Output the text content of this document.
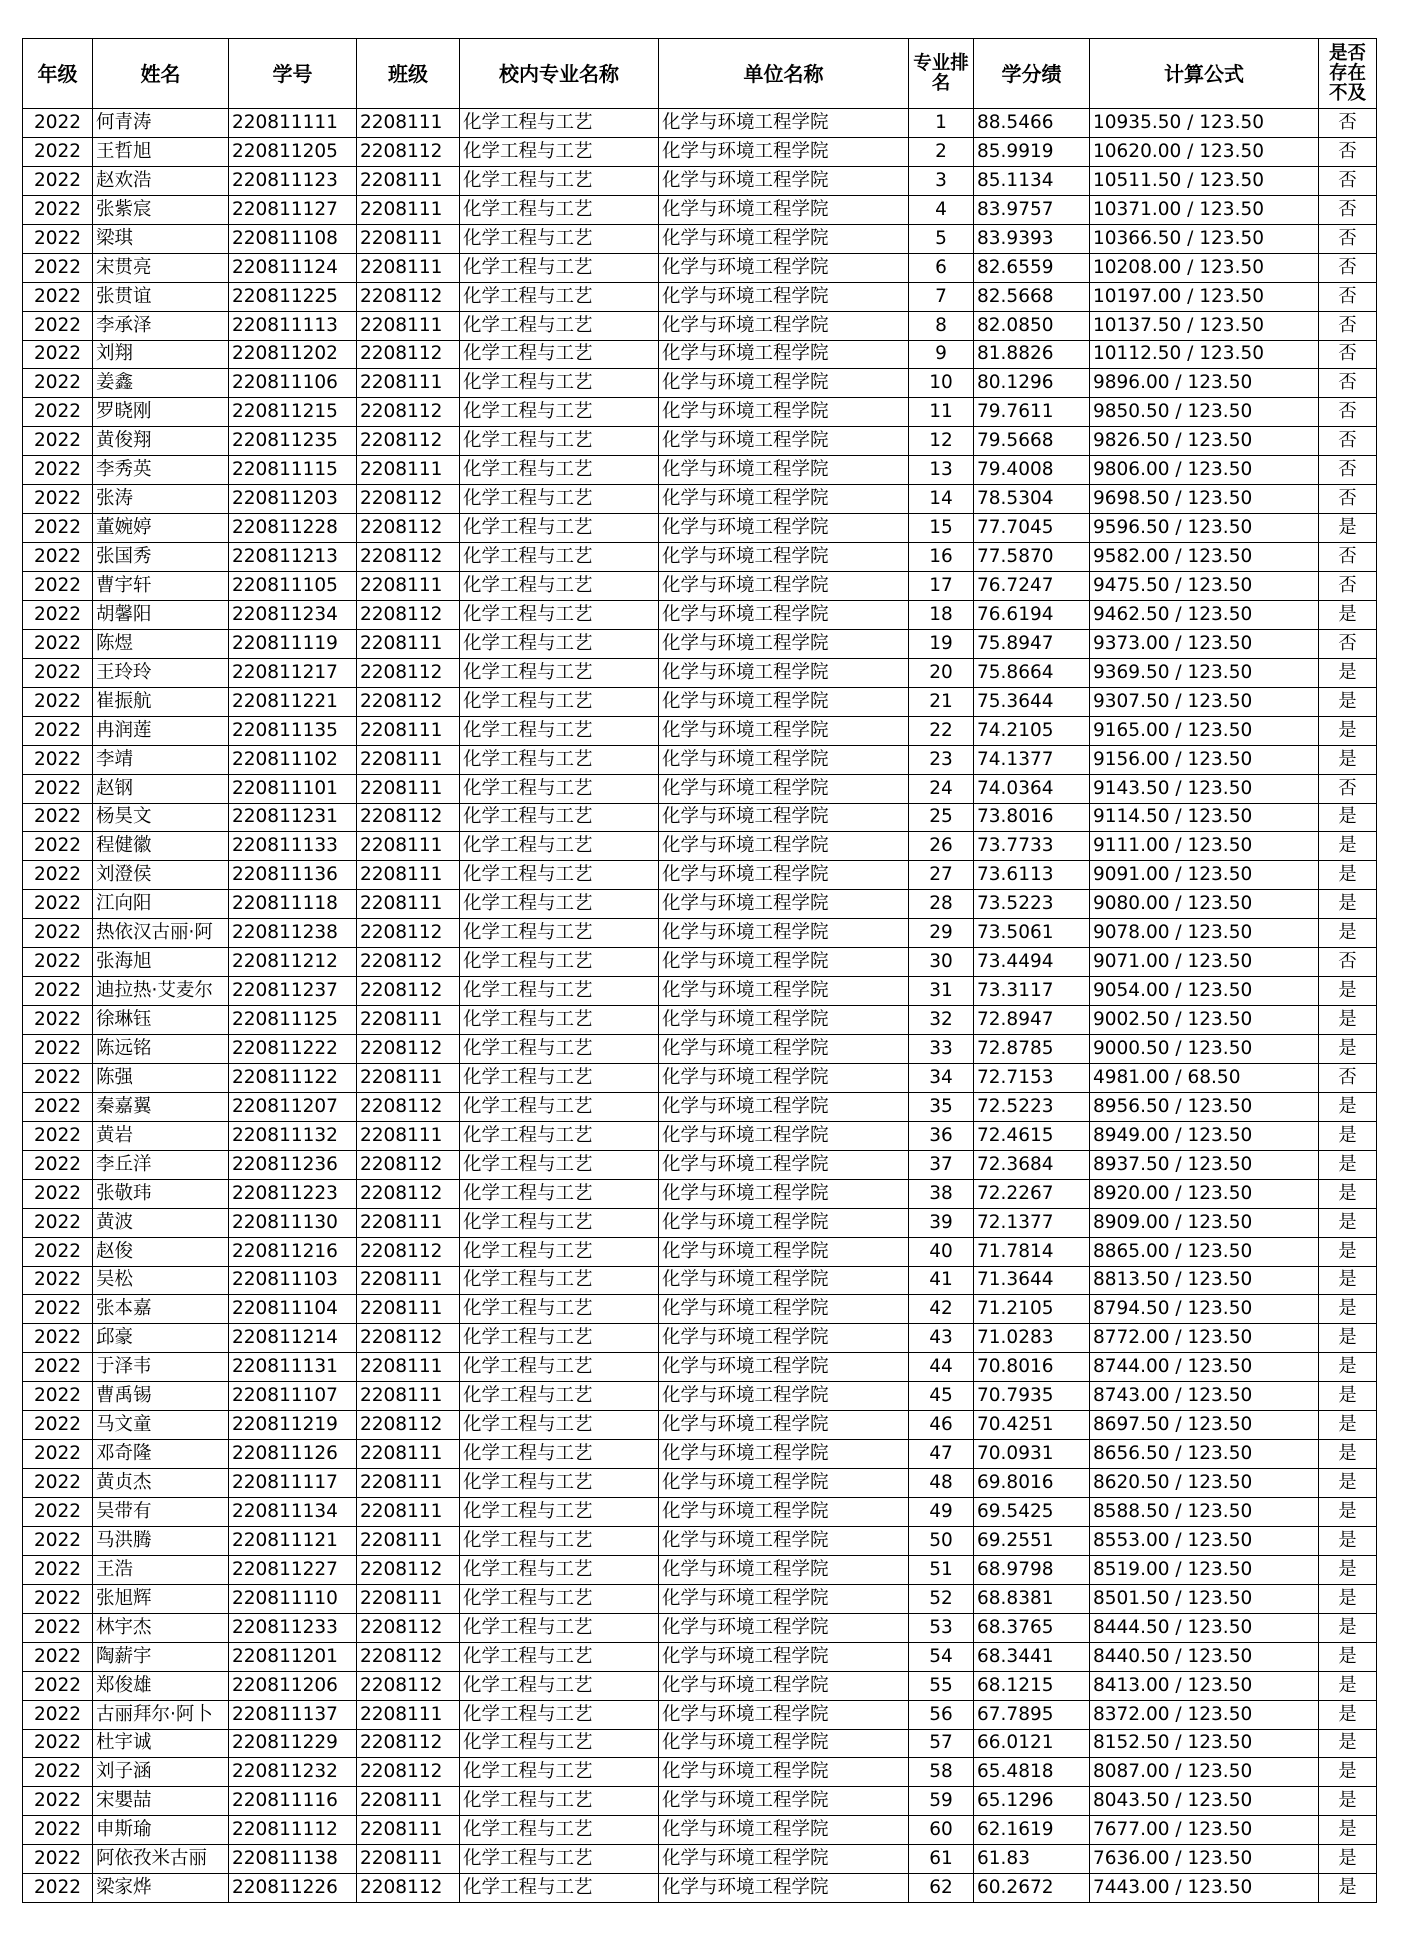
年级	姓名	学号	班级	校内专业名称	单位名称	专业排名	学分绩	计算公式	是否存在不及
2022	何青涛	220811111	2208111	化学工程与工艺	化学与环境工程学院	1	88.5466	10935.50 / 123.50	否
2022	王哲旭	220811205	2208112	化学工程与工艺	化学与环境工程学院	2	85.9919	10620.00 / 123.50	否
2022	赵欢浩	220811123	2208111	化学工程与工艺	化学与环境工程学院	3	85.1134	10511.50 / 123.50	否
2022	张紫宸	220811127	2208111	化学工程与工艺	化学与环境工程学院	4	83.9757	10371.00 / 123.50	否
2022	梁琪	220811108	2208111	化学工程与工艺	化学与环境工程学院	5	83.9393	10366.50 / 123.50	否
2022	宋贯亮	220811124	2208111	化学工程与工艺	化学与环境工程学院	6	82.6559	10208.00 / 123.50	否
2022	张贯谊	220811225	2208112	化学工程与工艺	化学与环境工程学院	7	82.5668	10197.00 / 123.50	否
2022	李承泽	220811113	2208111	化学工程与工艺	化学与环境工程学院	8	82.0850	10137.50 / 123.50	否
2022	刘翔	220811202	2208112	化学工程与工艺	化学与环境工程学院	9	81.8826	10112.50 / 123.50	否
2022	姜鑫	220811106	2208111	化学工程与工艺	化学与环境工程学院	10	80.1296	9896.00 / 123.50	否
2022	罗晓刚	220811215	2208112	化学工程与工艺	化学与环境工程学院	11	79.7611	9850.50 / 123.50	否
2022	黄俊翔	220811235	2208112	化学工程与工艺	化学与环境工程学院	12	79.5668	9826.50 / 123.50	否
2022	李秀英	220811115	2208111	化学工程与工艺	化学与环境工程学院	13	79.4008	9806.00 / 123.50	否
2022	张涛	220811203	2208112	化学工程与工艺	化学与环境工程学院	14	78.5304	9698.50 / 123.50	否
2022	董婉婷	220811228	2208112	化学工程与工艺	化学与环境工程学院	15	77.7045	9596.50 / 123.50	是
2022	张国秀	220811213	2208112	化学工程与工艺	化学与环境工程学院	16	77.5870	9582.00 / 123.50	否
2022	曹宇轩	220811105	2208111	化学工程与工艺	化学与环境工程学院	17	76.7247	9475.50 / 123.50	否
2022	胡馨阳	220811234	2208112	化学工程与工艺	化学与环境工程学院	18	76.6194	9462.50 / 123.50	是
2022	陈煜	220811119	2208111	化学工程与工艺	化学与环境工程学院	19	75.8947	9373.00 / 123.50	否
2022	王玲玲	220811217	2208112	化学工程与工艺	化学与环境工程学院	20	75.8664	9369.50 / 123.50	是
2022	崔振航	220811221	2208112	化学工程与工艺	化学与环境工程学院	21	75.3644	9307.50 / 123.50	是
2022	冉润莲	220811135	2208111	化学工程与工艺	化学与环境工程学院	22	74.2105	9165.00 / 123.50	是
2022	李靖	220811102	2208111	化学工程与工艺	化学与环境工程学院	23	74.1377	9156.00 / 123.50	是
2022	赵钢	220811101	2208111	化学工程与工艺	化学与环境工程学院	24	74.0364	9143.50 / 123.50	否
2022	杨昊文	220811231	2208112	化学工程与工艺	化学与环境工程学院	25	73.8016	9114.50 / 123.50	是
2022	程健徽	220811133	2208111	化学工程与工艺	化学与环境工程学院	26	73.7733	9111.00 / 123.50	是
2022	刘澄侯	220811136	2208111	化学工程与工艺	化学与环境工程学院	27	73.6113	9091.00 / 123.50	是
2022	江向阳	220811118	2208111	化学工程与工艺	化学与环境工程学院	28	73.5223	9080.00 / 123.50	是
2022	热依汉古丽·阿	220811238	2208112	化学工程与工艺	化学与环境工程学院	29	73.5061	9078.00 / 123.50	是
2022	张海旭	220811212	2208112	化学工程与工艺	化学与环境工程学院	30	73.4494	9071.00 / 123.50	否
2022	迪拉热·艾麦尔	220811237	2208112	化学工程与工艺	化学与环境工程学院	31	73.3117	9054.00 / 123.50	是
2022	徐琳钰	220811125	2208111	化学工程与工艺	化学与环境工程学院	32	72.8947	9002.50 / 123.50	是
2022	陈远铭	220811222	2208112	化学工程与工艺	化学与环境工程学院	33	72.8785	9000.50 / 123.50	是
2022	陈强	220811122	2208111	化学工程与工艺	化学与环境工程学院	34	72.7153	4981.00 / 68.50	否
2022	秦嘉翼	220811207	2208112	化学工程与工艺	化学与环境工程学院	35	72.5223	8956.50 / 123.50	是
2022	黄岩	220811132	2208111	化学工程与工艺	化学与环境工程学院	36	72.4615	8949.00 / 123.50	是
2022	李丘洋	220811236	2208112	化学工程与工艺	化学与环境工程学院	37	72.3684	8937.50 / 123.50	是
2022	张敬玮	220811223	2208112	化学工程与工艺	化学与环境工程学院	38	72.2267	8920.00 / 123.50	是
2022	黄波	220811130	2208111	化学工程与工艺	化学与环境工程学院	39	72.1377	8909.00 / 123.50	是
2022	赵俊	220811216	2208112	化学工程与工艺	化学与环境工程学院	40	71.7814	8865.00 / 123.50	是
2022	吴松	220811103	2208111	化学工程与工艺	化学与环境工程学院	41	71.3644	8813.50 / 123.50	是
2022	张本嘉	220811104	2208111	化学工程与工艺	化学与环境工程学院	42	71.2105	8794.50 / 123.50	是
2022	邱豪	220811214	2208112	化学工程与工艺	化学与环境工程学院	43	71.0283	8772.00 / 123.50	是
2022	于泽韦	220811131	2208111	化学工程与工艺	化学与环境工程学院	44	70.8016	8744.00 / 123.50	是
2022	曹禹锡	220811107	2208111	化学工程与工艺	化学与环境工程学院	45	70.7935	8743.00 / 123.50	是
2022	马文童	220811219	2208112	化学工程与工艺	化学与环境工程学院	46	70.4251	8697.50 / 123.50	是
2022	邓奇隆	220811126	2208111	化学工程与工艺	化学与环境工程学院	47	70.0931	8656.50 / 123.50	是
2022	黄贞杰	220811117	2208111	化学工程与工艺	化学与环境工程学院	48	69.8016	8620.50 / 123.50	是
2022	吴带有	220811134	2208111	化学工程与工艺	化学与环境工程学院	49	69.5425	8588.50 / 123.50	是
2022	马洪腾	220811121	2208111	化学工程与工艺	化学与环境工程学院	50	69.2551	8553.00 / 123.50	是
2022	王浩	220811227	2208112	化学工程与工艺	化学与环境工程学院	51	68.9798	8519.00 / 123.50	是
2022	张旭辉	220811110	2208111	化学工程与工艺	化学与环境工程学院	52	68.8381	8501.50 / 123.50	是
2022	林宇杰	220811233	2208112	化学工程与工艺	化学与环境工程学院	53	68.3765	8444.50 / 123.50	是
2022	陶薪宇	220811201	2208112	化学工程与工艺	化学与环境工程学院	54	68.3441	8440.50 / 123.50	是
2022	郑俊雄	220811206	2208112	化学工程与工艺	化学与环境工程学院	55	68.1215	8413.00 / 123.50	是
2022	古丽拜尔·阿卜	220811137	2208111	化学工程与工艺	化学与环境工程学院	56	67.7895	8372.00 / 123.50	是
2022	杜宇诚	220811229	2208112	化学工程与工艺	化学与环境工程学院	57	66.0121	8152.50 / 123.50	是
2022	刘子涵	220811232	2208112	化学工程与工艺	化学与环境工程学院	58	65.4818	8087.00 / 123.50	是
2022	宋嬰喆	220811116	2208111	化学工程与工艺	化学与环境工程学院	59	65.1296	8043.50 / 123.50	是
2022	申斯瑜	220811112	2208111	化学工程与工艺	化学与环境工程学院	60	62.1619	7677.00 / 123.50	是
2022	阿依孜米古丽	220811138	2208111	化学工程与工艺	化学与环境工程学院	61	61.83	7636.00 / 123.50	是
2022	梁家烨	220811226	2208112	化学工程与工艺	化学与环境工程学院	62	60.2672	7443.00 / 123.50	是
